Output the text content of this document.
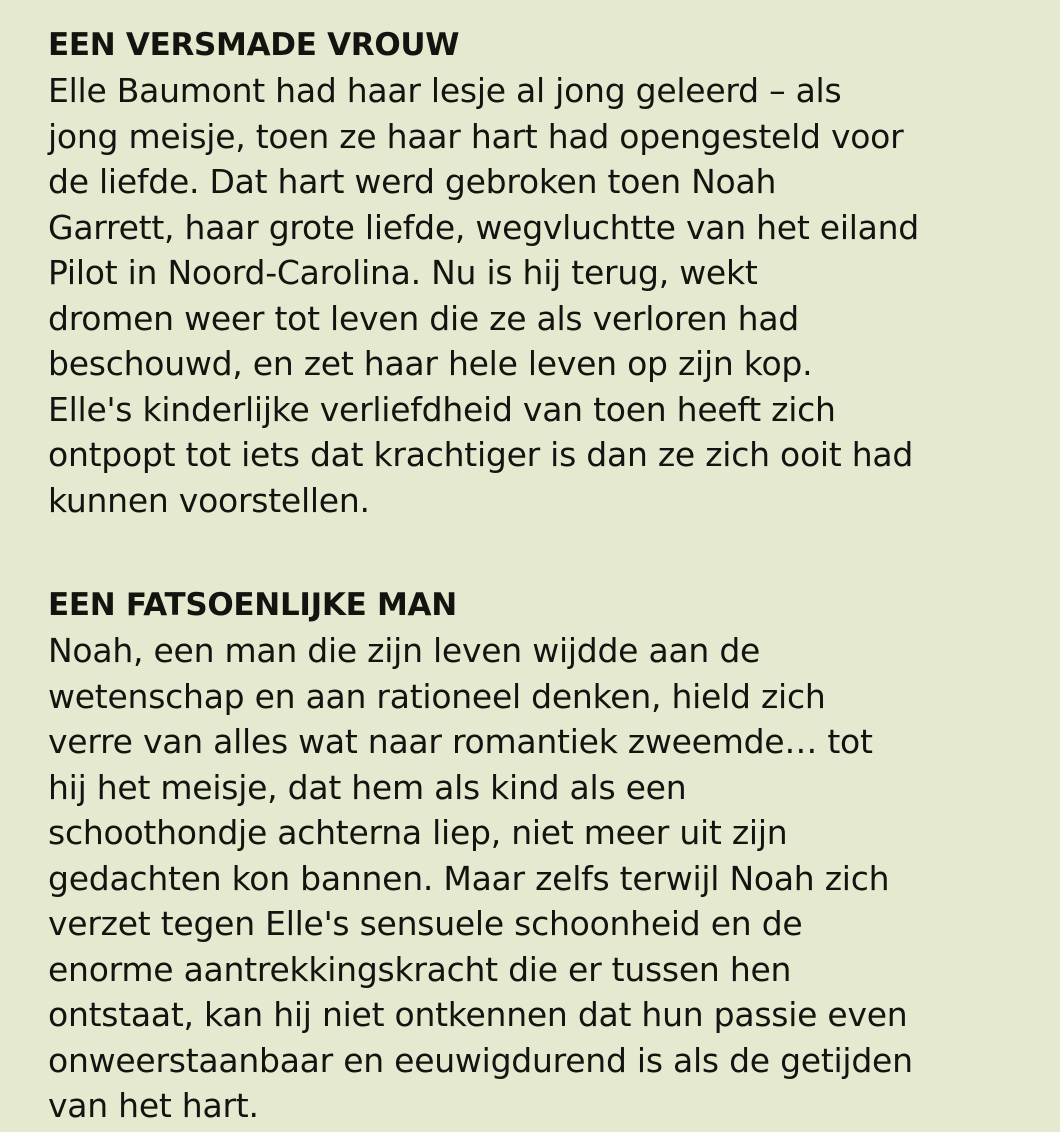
EEN VERSMADE VROUW
Elle Baumont had haar lesje al jong geleerd – als
jong meisje, toen ze haar hart had opengesteld voor
de liefde. Dat hart werd gebroken toen Noah
Garrett, haar grote liefde, wegvluchtte van het eiland
Pilot in Noord-Carolina. Nu is hij terug, wekt
dromen weer tot leven die ze als verloren had
beschouwd, en zet haar hele leven op zijn kop.
Elle's kinderlijke verliefdheid van toen heeft zich
ontpopt tot iets dat krachtiger is dan ze zich ooit had
kunnen voorstellen.
EEN FATSOENLIJKE MAN
Noah, een man die zijn leven wijdde aan de
wetenschap en aan rationeel denken, hield zich
verre van alles wat naar romantiek zweemde… tot
hij het meisje, dat hem als kind als een
schoothondje achterna liep, niet meer uit zijn
gedachten kon bannen. Maar zelfs terwijl Noah zich
verzet tegen Elle's sensuele schoonheid en de
enorme aantrekkingskracht die er tussen hen
ontstaat, kan hij niet ontkennen dat hun passie even
onweerstaanbaar en eeuwigdurend is als de getijden
van het hart.
